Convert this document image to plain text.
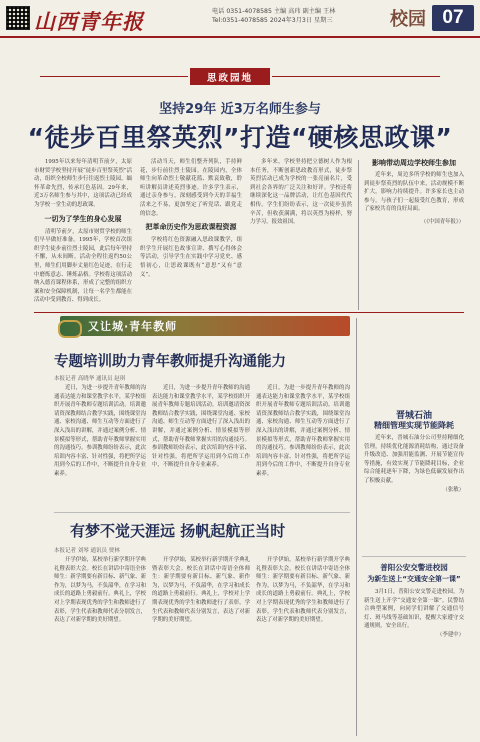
山西青年报	电话 0351-4078585 主编 高玮 副主编 王林
Tel:0351-4078585 2024年3月3日 星期三	校园 07
思政园地
坚持29年 近3万名师生参与
“徒步百里祭英烈”打造“硬核思政课”

1995年以来每年清明节前夕，太原市财贸学校坚持开展“徒步百里祭英烈”活动，组织全校师生步行往返烈士陵园，缅怀革命先烈，传承红色基因。29年来，近3万名师生参与其中，这项活动已经成为学校一堂生动的思政课。

一切为了学生的身心发展

清明节前夕，太原市财贸学校的师生们早早做好准备。1995年，学校首次组织学生徒步前往烈士陵园，此后每年坚持不懈，从未间断。活动全程往返约50公里，师生们用脚步丈量红色足迹，在行走中磨炼意志、锤炼品格。学校将这项活动纳入德育课程体系，形成了完整的组织方案和安全保障机制，让每一名学生都能在活动中受到教育、得到成长。

活动当天，师生们整齐列队，手持鲜花，步行前往烈士陵园。在陵园内，全体师生向革命烈士敬献花篮、默哀致敬，聆听讲解员讲述英烈事迹。许多学生表示，通过亲身参与，深刻感受到今天的幸福生活来之不易，更加坚定了听党话、跟党走的信念。

把革命历史作为思政课程资源

学校将红色资源融入思政课教学，组织学生开展红色故事宣讲、撰写心得体会等活动，引导学生在实践中学习党史、感悟初心，让思政课既有“意思”又有“意义”。

多年来，学校坚持把立德树人作为根本任务，不断创新思政教育形式，徒步祭英烈活动已成为学校的一张亮丽名片，受到社会各界的广泛关注和好评。学校还将继续深化这一品牌活动，让红色基因代代相传。学生们纷纷表示，这一次徒步虽然辛苦，但收获满满，将以英烈为榜样，努力学习，报效祖国。

影响带动周边学校师生参加

近年来，周边多所学校的师生也加入到徒步祭英烈的队伍中来，活动规模不断扩大，影响力持续提升。许多家长也主动参与，与孩子们一起接受红色教育，形成了家校共育的良好局面。

（《中国青年报》）
又让城·青年教师
专题培训助力青年教师提升沟通能力
本报记者 高晓华 通讯员 赵琪

近日，为进一步提升青年教师的沟通表达能力和课堂教学水平，某学校组织开展青年教师专题培训活动。培训邀请资深教师结合教学实践，围绕课堂沟通、家校沟通、师生互动等方面进行了深入浅出的讲解，并通过案例分析、情景模拟等形式，帮助青年教师掌握实用的沟通技巧。参训教师纷纷表示，此次培训内容丰富、针对性强，将把所学运用到今后的工作中，不断提升自身专业素养。

近日，为进一步提升青年教师的沟通表达能力和课堂教学水平，某学校组织开展青年教师专题培训活动。培训邀请资深教师结合教学实践，围绕课堂沟通、家校沟通、师生互动等方面进行了深入浅出的讲解，并通过案例分析、情景模拟等形式，帮助青年教师掌握实用的沟通技巧。参训教师纷纷表示，此次培训内容丰富、针对性强，将把所学运用到今后的工作中，不断提升自身专业素养。

近日，为进一步提升青年教师的沟通表达能力和课堂教学水平，某学校组织开展青年教师专题培训活动。培训邀请资深教师结合教学实践，围绕课堂沟通、家校沟通、师生互动等方面进行了深入浅出的讲解，并通过案例分析、情景模拟等形式，帮助青年教师掌握实用的沟通技巧。参训教师纷纷表示，此次培训内容丰富、针对性强，将把所学运用到今后的工作中，不断提升自身专业素养。

有梦不觉天涯远 扬帆起航正当时
本报记者 刘琴 通讯员 贾林

开学伊始，某校举行新学期开学典礼暨表彰大会。校长在讲话中寄语全体师生：新学期要有新目标、新气象、新作为，以梦为马，不负韶华，在学习和成长的道路上勇毅前行。典礼上，学校对上学期表现优秀的学生和教师进行了表彰，学生代表和教师代表分别发言，表达了对新学期的美好期望。

开学伊始，某校举行新学期开学典礼暨表彰大会。校长在讲话中寄语全体师生：新学期要有新目标、新气象、新作为，以梦为马，不负韶华，在学习和成长的道路上勇毅前行。典礼上，学校对上学期表现优秀的学生和教师进行了表彰，学生代表和教师代表分别发言，表达了对新学期的美好期望。

开学伊始，某校举行新学期开学典礼暨表彰大会。校长在讲话中寄语全体师生：新学期要有新目标、新气象、新作为，以梦为马，不负韶华，在学习和成长的道路上勇毅前行。典礼上，学校对上学期表现优秀的学生和教师进行了表彰，学生代表和教师代表分别发言，表达了对新学期的美好期望。

晋城石油
精细管理实现节能降耗

近年来，晋城石油分公司坚持精细化管理，持续优化能源消耗结构，通过设备升级改造、加强用能监测、开展节能宣传等措施，有效实现了节能降耗目标，企业综合能耗逐年下降，为绿色低碳发展作出了积极贡献。

（张敏）
普阳公安交警进校园
为新生送上“交通安全第一课”

3月1日，普阳公安交警走进校园，为新生送上开学“交通安全第一课”。民警结合典型案例，向同学们讲解了交通信号灯、斑马线等基础知识，提醒大家遵守交通规则，安全出行。

（李建中）
